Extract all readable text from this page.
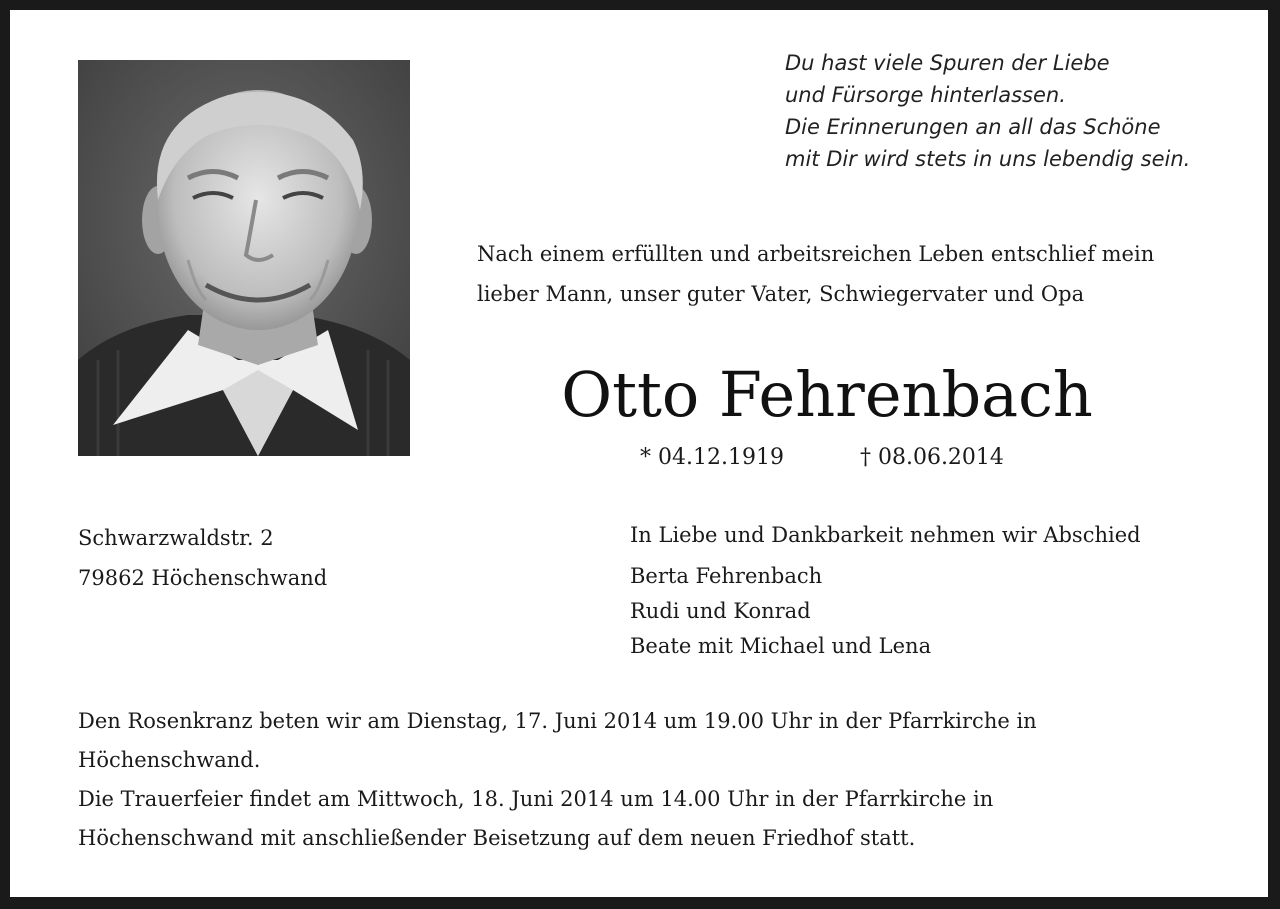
Du hast viele Spuren der Liebe
und Fürsorge hinterlassen.
Die Erinnerungen an all das Schöne
mit Dir wird stets in uns lebendig sein.
Nach einem erfüllten und arbeitsreichen Leben entschlief mein
lieber Mann, unser guter Vater, Schwiegervater und Opa
Otto Fehrenbach
* 04.12.1919	† 08.06.2014
Schwarzwaldstr. 2
79862 Höchenschwand
In Liebe und Dankbarkeit nehmen wir Abschied
Berta Fehrenbach
Rudi und Konrad
Beate mit Michael und Lena
Den Rosenkranz beten wir am Dienstag, 17. Juni 2014 um 19.00 Uhr in der Pfarrkirche in
Höchenschwand.
Die Trauerfeier findet am Mittwoch, 18. Juni 2014 um 14.00 Uhr in der Pfarrkirche in
Höchenschwand mit anschließender Beisetzung auf dem neuen Friedhof statt.
